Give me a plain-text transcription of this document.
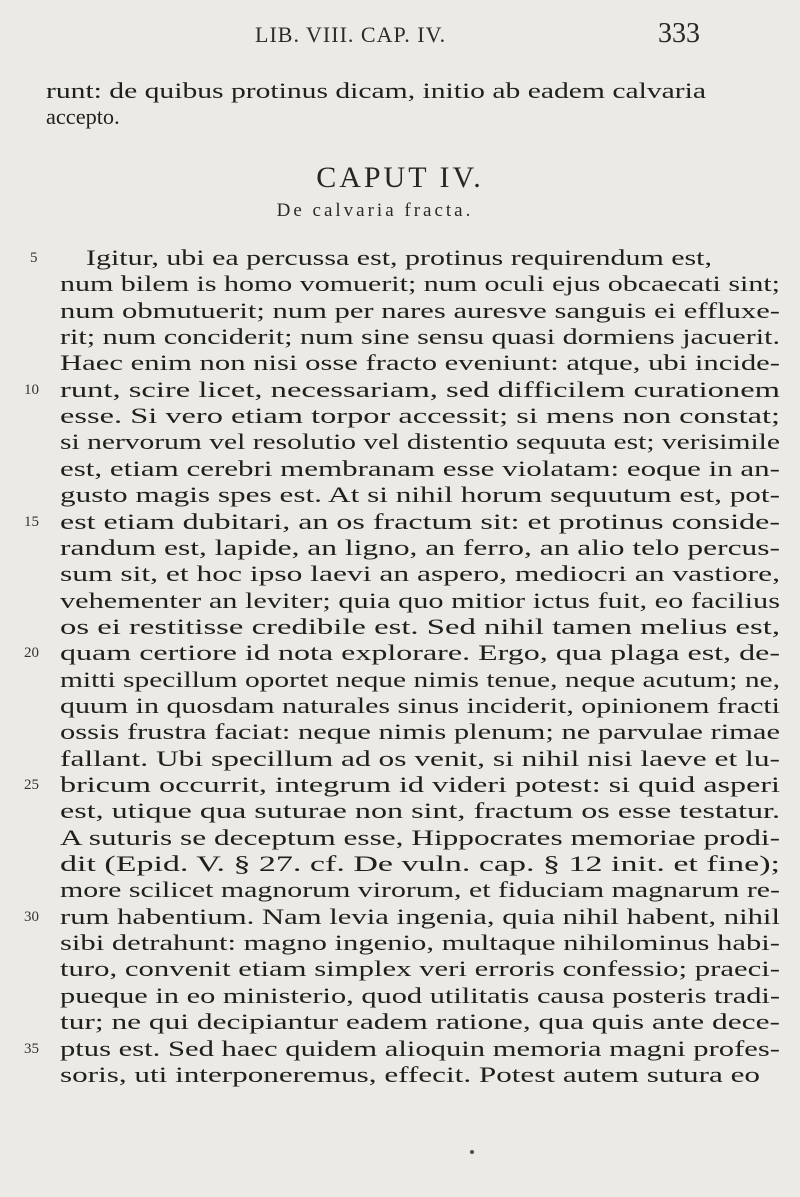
LIB. VIII. CAP. IV.	333
runt: de quibus protinus dicam, initio ab eadem calvaria
accepto.
CAPUT IV.
De calvaria fracta.
5 Igitur, ubi ea percussa est, protinus requirendum est,
num bilem is homo vomuerit; num oculi ejus obcaecati sint;
num obmutuerit; num per nares auresve sanguis ei effluxe-
rit; num conciderit; num sine sensu quasi dormiens jacuerit.
Haec enim non nisi osse fracto eveniunt: atque, ubi incide-
10 runt, scire licet, necessariam, sed difficilem curationem
esse. Si vero etiam torpor accessit; si mens non constat;
si nervorum vel resolutio vel distentio sequuta est; verisimile
est, etiam cerebri membranam esse violatam: eoque in an-
gusto magis spes est. At si nihil horum sequutum est, pot-
15 est etiam dubitari, an os fractum sit: et protinus conside-
randum est, lapide, an ligno, an ferro, an alio telo percus-
sum sit, et hoc ipso laevi an aspero, mediocri an vastiore,
vehementer an leviter; quia quo mitior ictus fuit, eo facilius
os ei restitisse credibile est. Sed nihil tamen melius est,
20 quam certiore id nota explorare. Ergo, qua plaga est, de-
mitti specillum oportet neque nimis tenue, neque acutum; ne,
quum in quosdam naturales sinus inciderit, opinionem fracti
ossis frustra faciat: neque nimis plenum; ne parvulae rimae
fallant. Ubi specillum ad os venit, si nihil nisi laeve et lu-
25 bricum occurrit, integrum id videri potest: si quid asperi
est, utique qua suturae non sint, fractum os esse testatur.
A suturis se deceptum esse, Hippocrates memoriae prodi-
dit (Epid. V. § 27. cf. De vuln. cap. § 12 init. et fine);
more scilicet magnorum virorum, et fiduciam magnarum re-
30 rum habentium. Nam levia ingenia, quia nihil habent, nihil
sibi detrahunt: magno ingenio, multaque nihilominus habi-
turo, convenit etiam simplex veri erroris confessio; praeci-
pueque in eo ministerio, quod utilitatis causa posteris tradi-
tur; ne qui decipiantur eadem ratione, qua quis ante dece-
35 ptus est. Sed haec quidem alioquin memoria magni profes-
soris, uti interponeremus, effecit. Potest autem sutura eo
